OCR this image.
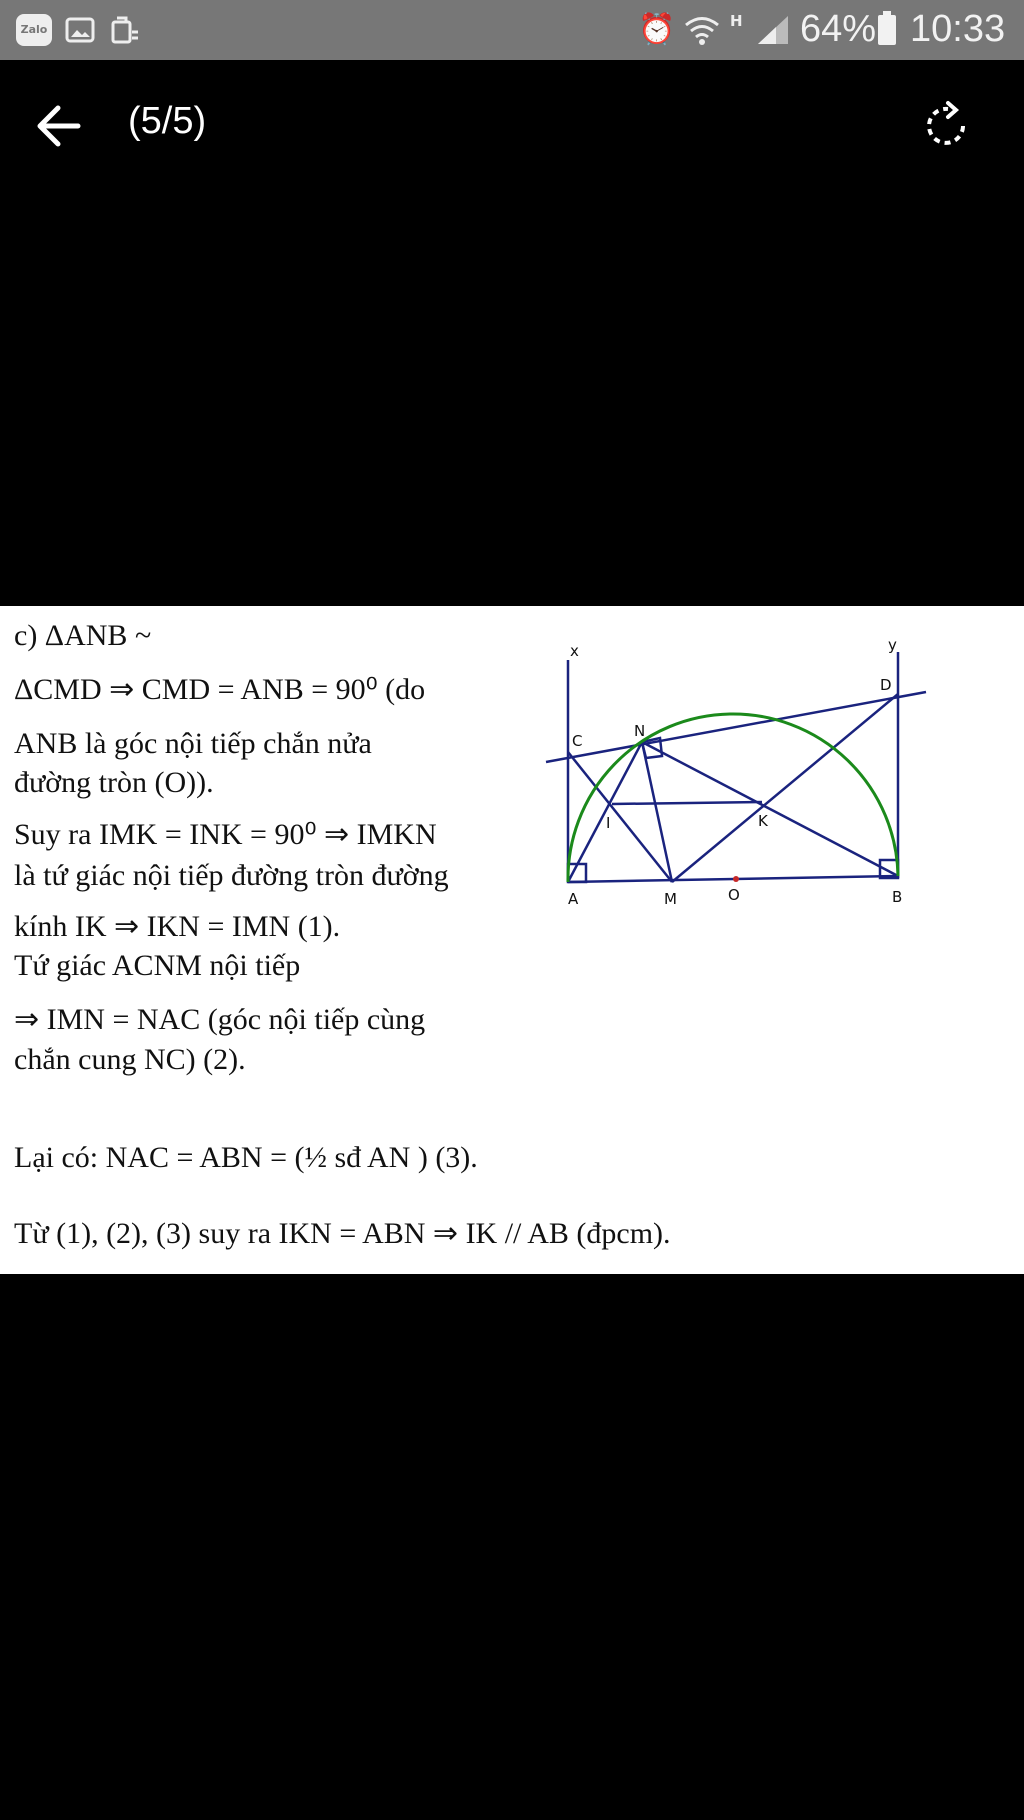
Zalo	⏰	H 64% 10:33
(5/5)
c) ΔANB ~
ΔCMD ⇒ CMD = ANB = 90⁰ (do
ANB là góc nội tiếp chắn nửa
đường tròn (O)).
Suy ra IMK = INK = 90⁰ ⇒ IMKN
là tứ giác nội tiếp đường tròn đường
kính IK ⇒ IKN = IMN (1).
Tứ giác ACNM nội tiếp
⇒ IMN = NAC (góc nội tiếp cùng
chắn cung NC) (2).
Lại có: NAC = ABN = (½ sđ AN ) (3).
Từ (1), (2), (3) suy ra IKN = ABN ⇒ IK // AB (đpcm).
x	y
C
D
N
I	K
A	M	O	B
